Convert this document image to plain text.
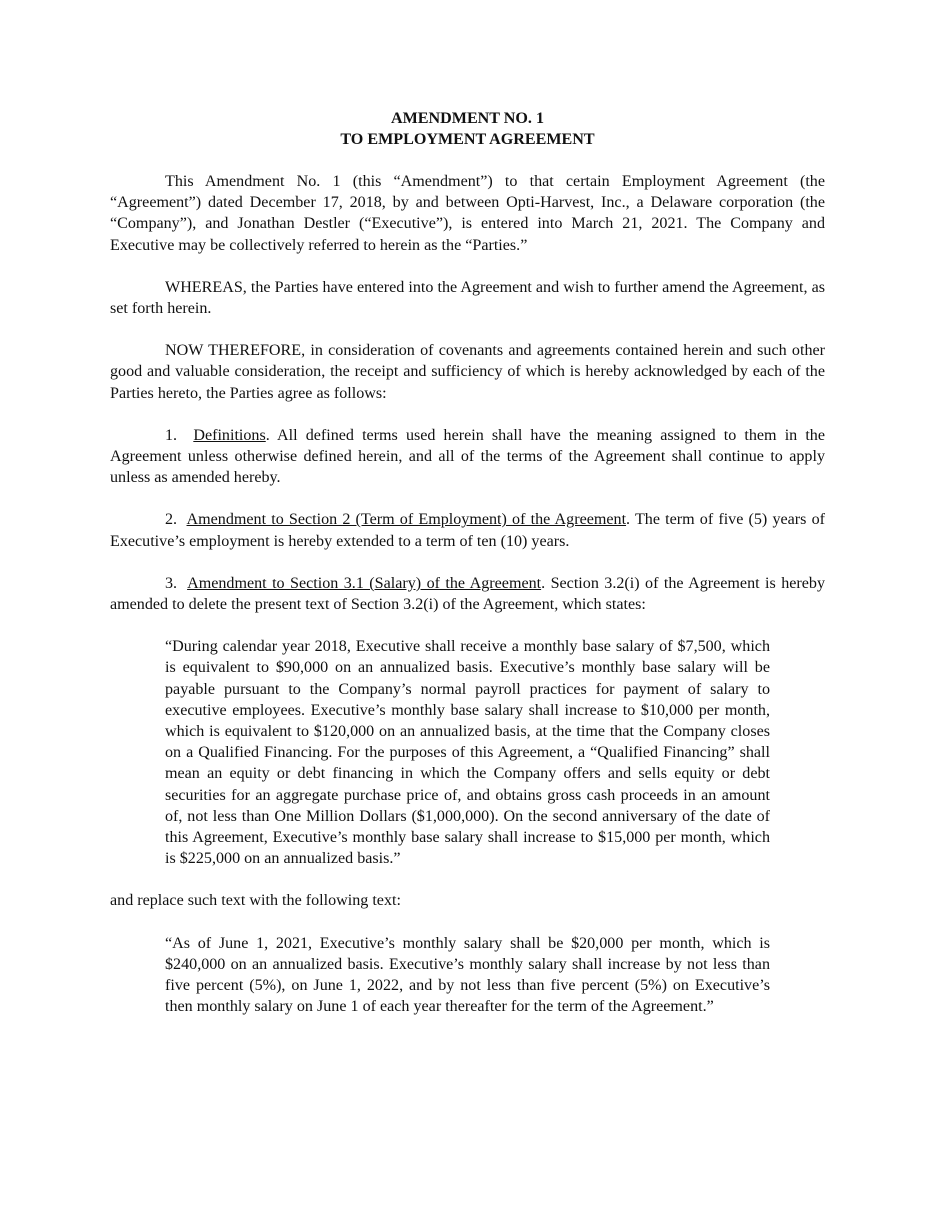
AMENDMENT NO. 1
TO EMPLOYMENT AGREEMENT

This Amendment No. 1 (this “Amendment”) to that certain Employment Agreement (the “Agreement”) dated December 17, 2018, by and between Opti-Harvest, Inc., a Delaware corporation (the “Company”), and Jonathan Destler (“Executive”), is entered into March 21, 2021. The Company and Executive may be collectively referred to herein as the “Parties.”

WHEREAS, the Parties have entered into the Agreement and wish to further amend the Agreement, as set forth herein.

NOW THEREFORE, in consideration of covenants and agreements contained herein and such other good and valuable consideration, the receipt and sufficiency of which is hereby acknowledged by each of the Parties hereto, the Parties agree as follows:

1. Definitions. All defined terms used herein shall have the meaning assigned to them in the Agreement unless otherwise defined herein, and all of the terms of the Agreement shall continue to apply unless as amended hereby.

2. Amendment to Section 2 (Term of Employment) of the Agreement. The term of five (5) years of Executive’s employment is hereby extended to a term of ten (10) years.

3. Amendment to Section 3.1 (Salary) of the Agreement. Section 3.2(i) of the Agreement is hereby amended to delete the present text of Section 3.2(i) of the Agreement, which states:

“During calendar year 2018, Executive shall receive a monthly base salary of $7,500, which is equivalent to $90,000 on an annualized basis. Executive’s monthly base salary will be payable pursuant to the Company’s normal payroll practices for payment of salary to executive employees. Executive’s monthly base salary shall increase to $10,000 per month, which is equivalent to $120,000 on an annualized basis, at the time that the Company closes on a Qualified Financing. For the purposes of this Agreement, a “Qualified Financing” shall mean an equity or debt financing in which the Company offers and sells equity or debt securities for an aggregate purchase price of, and obtains gross cash proceeds in an amount of, not less than One Million Dollars ($1,000,000). On the second anniversary of the date of this Agreement, Executive’s monthly base salary shall increase to $15,000 per month, which is $225,000 on an annualized basis.”

and replace such text with the following text:

“As of June 1, 2021, Executive’s monthly salary shall be $20,000 per month, which is $240,000 on an annualized basis. Executive’s monthly salary shall increase by not less than five percent (5%), on June 1, 2022, and by not less than five percent (5%) on Executive’s then monthly salary on June 1 of each year thereafter for the term of the Agreement.”
